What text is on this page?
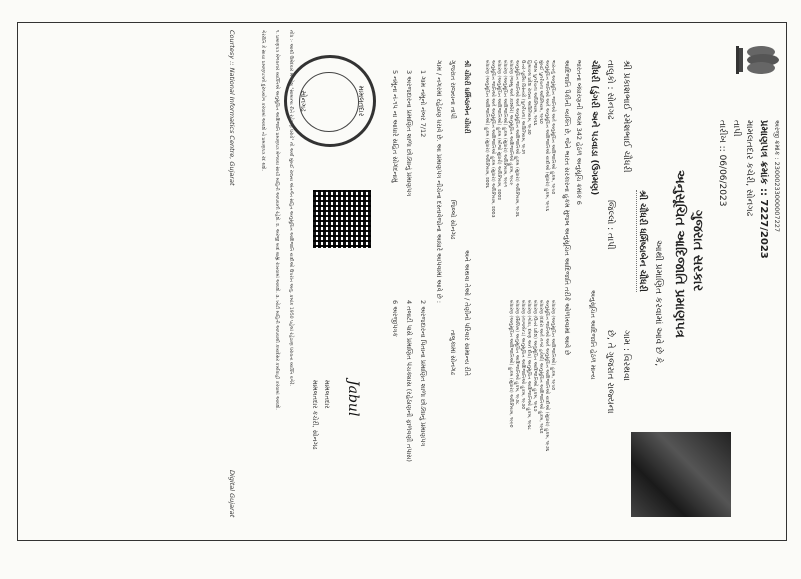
અરજી ક્રમાંક : 23000233000007227
પ્રમાણપત્ર ક્રમાંક :: 7227/2023
મામલતદાર કચેરી, સોનગઢ
તાપી
તારીખ :: 06/06/2023
ગુજરાત સરકાર
અનુસૂચિત આદિજાતિ પ્રમાણપત્ર
આથી પ્રમાણિત કરવામાં આવે છે કે,
શ્રી ચૌધરી ધર્મિષ્ઠાબેન ચૌધરી
શ્રી પ્રકાશભાઈ રમેશભાઈ ચૌધરી
ગામ : વિરથવા
તાલુકો : સોનગઢ
જિલ્લો : તાપી
છે, તે ગુજરાત રાજ્યના
ચૌધરી (ડુંગરી અને પડવાડા (ઉગમણ)
અનુસૂચિત આદિજાતિ હેઠળ માન્ય
ભારતના બંધારણની કલમ 342 હેઠળ અનુસૂચિ ક્રમાંક 6
આદિજાતિ પૈકીની વ્યક્તિ છે, જેને ભારત સરકારના હુકમ મુજબ અનુસૂચિત આદિજાતિ તરીકે ઓળખવામાં આવે છે
ભારતનું અનુસૂચિત જાતિઓ અને અનુસૂચિત આદિજાતિઓ હુકમ, ૧૯૫૦
અનુસૂચિત જાતિઓ અને અનુસૂચિત આદિજાતિઓ યાદીઓ (સુધારા) હુકમ, ૧૯૫૬
મુંબઈ પુનર્રચના અધિનિયમ, ૧૯૬૦
પંજાબ પુનર્રચના અધિનિયમ, ૧૯૬૬
હિમાચલ પ્રદેશ રાજ્ય અધિનિયમ, ૧૯૭૦
ઉત્તર-પૂર્વીય વિસ્તારો (પુનર્રચના) અધિનિયમ, ૧૯૭૧
અનુસૂચિત જાતિઓ અને અનુસૂચિત આદિજાતિઓ હુકમ (સુધારા) અધિનિયમ, ૧૯૭૬
બંધારણ (જમ્મુ અને કાશ્મીર) અનુસૂચિત આદિજાતિઓ હુકમ, ૧૯૮૯
બંધારણ (અનુસૂચિત આદિજાતિઓ) હુકમ (સુધારા) અધિનિયમ, ૧૯૯૧
બંધારણ (અનુસૂચિત આદિજાતિઓ) હુકમ (બીજો સુધારો) અધિનિયમ, ૨૦૦૨
અનુસૂચિત જાતિઓ અને અનુસૂચિત આદિજાતિઓ હુકમ (સુધારા) અધિનિયમ, ૨૦૦૩
બંધારણ (અનુસૂચિત આદિજાતિઓ) હુકમ (સુધારા) અધિનિયમ, ૨૦૦૬
બંધારણ (અનુસૂચિત આદિજાતિઓ) હુકમ, ૧૯૫૦
અનુસૂચિત જાતિઓ અને અનુસૂચિત આદિજાતિઓ યાદીઓ (સુધારા) હુકમ, ૧૯૭૬
બંધારણ (દાદરા અને નગર હવેલી) અનુસૂચિત આદિજાતિઓ હુકમ, ૧૯૬૨
બંધારણ (ઉત્તર પ્રદેશ) અનુસૂચિત આદિજાતિઓ હુકમ, ૧૯૬૭
બંધારણ (ગોવા, દમણ અને દીવ) અનુસૂચિત આદિજાતિઓ હુકમ, ૧૯૬૮
બંધારણ (નાગાલેન્ડ) અનુસૂચિત આદિજાતિઓ હુકમ, ૧૯૭૦
બંધારણ (સિક્કિમ) અનુસૂચિત આદિજાતિઓ હુકમ, ૧૯૭૮
બંધારણ (અનુસૂચિત આદિજાતિઓ) હુકમ (સુધારા) અધિનિયમ, ૧૯૯૦
શ્રી ચૌધરી ધર્મિષ્ઠાબેન ચૌધરી
અને અથવા તેઓ / તેણીનો પરિવાર સામાન્ય રીતે
ગુજરાત રાજ્યના તાપી
જિલ્લો સોનગઢ
તાલુકામાં સોનગઢ
ગામ / નગરમાં રહેઠાણ ધરાવે છે. આ પ્રમાણપત્ર નીચેના દસ્તાવેજોના આધારે આપવામાં આવે છે :
1 ગામ નમૂનો નંબર 7/12
2 અરજદારના પિતાના પ્રમાણિત શાળા છોડ્યાનું પ્રમાણપત્ર
3 અરજદારના પ્રમાણિત શાળા છોડ્યાનું પ્રમાણપત્ર
4 તલાટી પાસે પ્રમાણિત પંચક્યાસ (રહેઠાણની ફાળવણી તપાસ)
5 નમૂના નં-૧૫ ના આધારે સહિત સોગંદનામું
6 અરજીપત્રક
મામલતદાર
સોનગઢ
Jabul
મામલતદાર
મામલતદાર કચેરી, સોનગઢ
નોંધ :- આથી ઉમેદવાર મેળવેલ "સામાન્ય રીતે રહેઠાણ ધરાવે" નો અર્થ મુંબઈ રાજ્ય અંતર્ગત સહિત અનુસૂચિત આદિજાતિ યાદીઓ ઉપરાંત અનુ. ક્રમાંક 1950 પહેલાં રહેઠાણ ધરાવતા વ્યક્તિ વગેરે.
૧. પ્રમાણપત્ર મેળવનાર વ્યક્તિએ અનુસૂચિત આદિજાતિ પ્રમાણપત્ર મેળવવા સાચી માહિતી આપવાની રહેશે. ૨. અરજી બાદ ગ્રાહ્ય રાખવામાં આવશે. ૩. ખોટી માહિતી આપવાથી કાયદેસર કાર્યવાહી કરવામાં આવશે.
ગેરરીતિ કે સાચા પ્રમાણપત્રનો દુરુપયોગ કરવામાં આવશે તો પ્રમાણપત્ર રદ થશે.
Courtesy :: National Informatics Centre, Gujarat
Digital Gujarat
